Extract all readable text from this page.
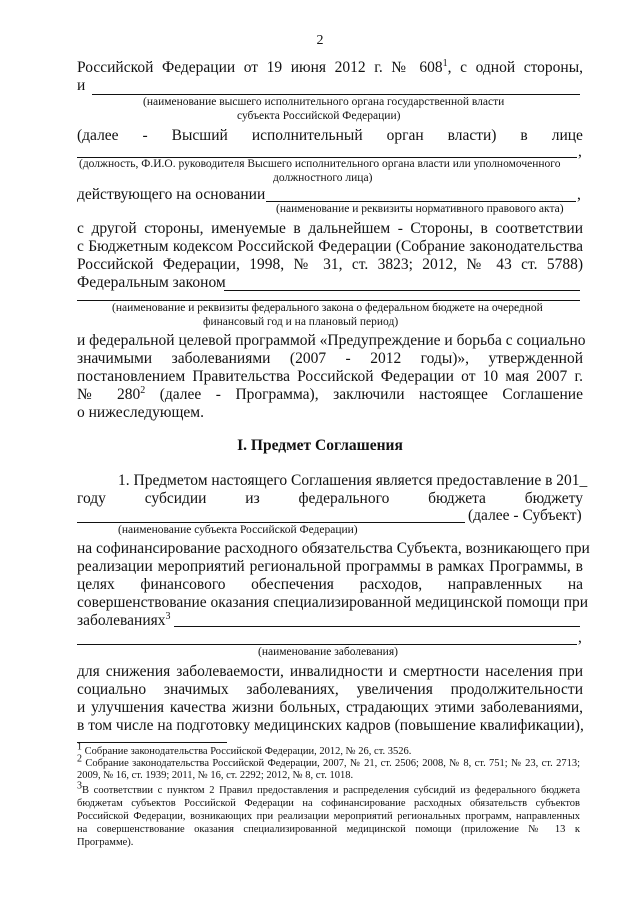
2
Российской Федерации от 19 июня 2012 г. № $608^1$, с одной стороны,
и
(наименование высшего исполнительного органа государственной власти
субъекта Российской Федерации)
(далее - Высший исполнительный орган власти) в лице
,
(должность, Ф.И.О. руководителя Высшего исполнительного органа власти или уполномоченного
должностного лица)
действующего на основании	,
(наименование и реквизиты нормативного правового акта)
с другой стороны, именуемые в дальнейшем - Стороны, в соответствии
с Бюджетным кодексом Российской Федерации (Собрание законодательства
Российской Федерации, 1998, № 31, ст. 3823; 2012, № 43 ст. 5788)
Федеральным законом
(наименование и реквизиты федерального закона о федеральном бюджете на очередной
финансовый год и на плановый период)
и федеральной целевой программой «Предупреждение и борьба с социально
значимыми заболеваниями (2007 - 2012 годы)», утвержденной
постановлением Правительства Российской Федерации от 10 мая 2007 г.
№ $280^2$ (далее - Программа), заключили настоящее Соглашение
о нижеследующем.
I. Предмет Соглашения
1. Предметом настоящего Соглашения является предоставление в 201_
году субсидии из федерального бюджета бюджету
(далее - Субъект)
(наименование субъекта Российской Федерации)
на софинансирование расходного обязательства Субъекта, возникающего при
реализации мероприятий региональной программы в рамках Программы, в
целях финансового обеспечения расходов, направленных на
совершенствование оказания специализированной медицинской помощи при
заболеваниях$^3$
,
(наименование заболевания)
для снижения заболеваемости, инвалидности и смертности населения при
социально значимых заболеваниях, увеличения продолжительности
и улучшения качества жизни больных, страдающих этими заболеваниями,
в том числе на подготовку медицинских кадров (повышение квалификации),
1 Собрание законодательства Российской Федерации, 2012, № 26, ст. 3526.
2 Собрание законодательства Российской Федерации, 2007, № 21, ст. 2506; 2008, № 8, ст. 751; № 23, ст. 2713;
2009, № 16, ст. 1939; 2011, № 16, ст. 2292; 2012, № 8, ст. 1018.
3В соответствии с пунктом 2 Правил предоставления и распределения субсидий из федерального бюджета
бюджетам субъектов Российской Федерации на софинансирование расходных обязательств субъектов
Российской Федерации, возникающих при реализации мероприятий региональных программ, направленных
на совершенствование оказания специализированной медицинской помощи (приложение № 13 к
Программе).
